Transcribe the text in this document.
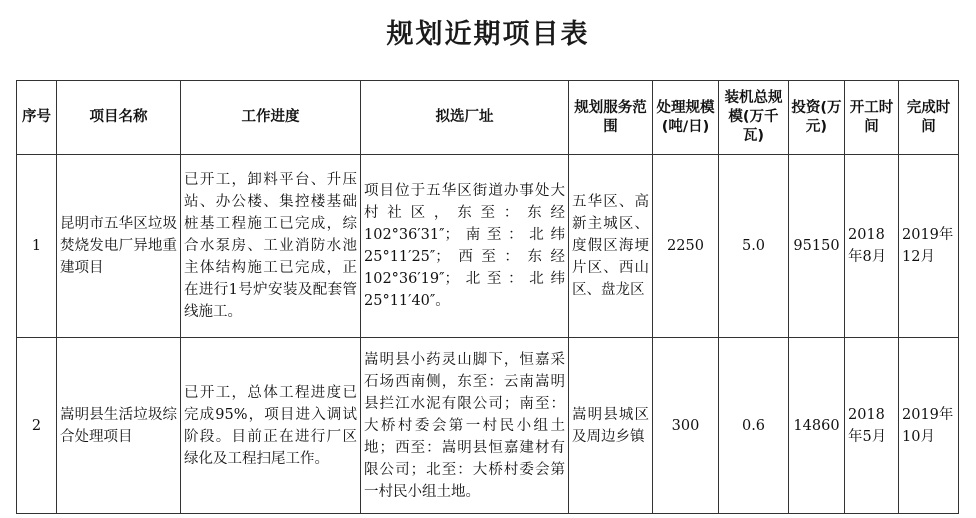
规划近期项目表
序号	项目名称	工作进度	拟选厂址	规划服务范围	处理规模(吨/日)	装机总规模(万千瓦)	投资(万元)	开工时间	完成时间
1	昆明市五华区垃圾焚烧发电厂异地重建项目	已开工，卸料平台、升压站、办公楼、集控楼基础桩基工程施工已完成，综合水泵房、工业消防水池主体结构施工已完成，正在进行1号炉安装及配套管线施工。	项目位于五华区街道办事处大村社区，东至：东经102°36′31″；南至：北纬25°11′25″；西至：东经102°36′19″；北至：北纬25°11′40″。	五华区、高新主城区、度假区海埂片区、西山区、盘龙区	2250	5.0	95150	2018年8月	2019年12月
2	嵩明县生活垃圾综合处理项目	已开工，总体工程进度已完成95%，项目进入调试阶段。目前正在进行厂区绿化及工程扫尾工作。	嵩明县小药灵山脚下，恒嘉采石场西南侧，东至：云南嵩明县拦江水泥有限公司；南至：大桥村委会第一村民小组土地；西至：嵩明县恒嘉建材有限公司；北至：大桥村委会第一村民小组土地。	嵩明县城区及周边乡镇	300	0.6	14860	2018年5月	2019年10月
